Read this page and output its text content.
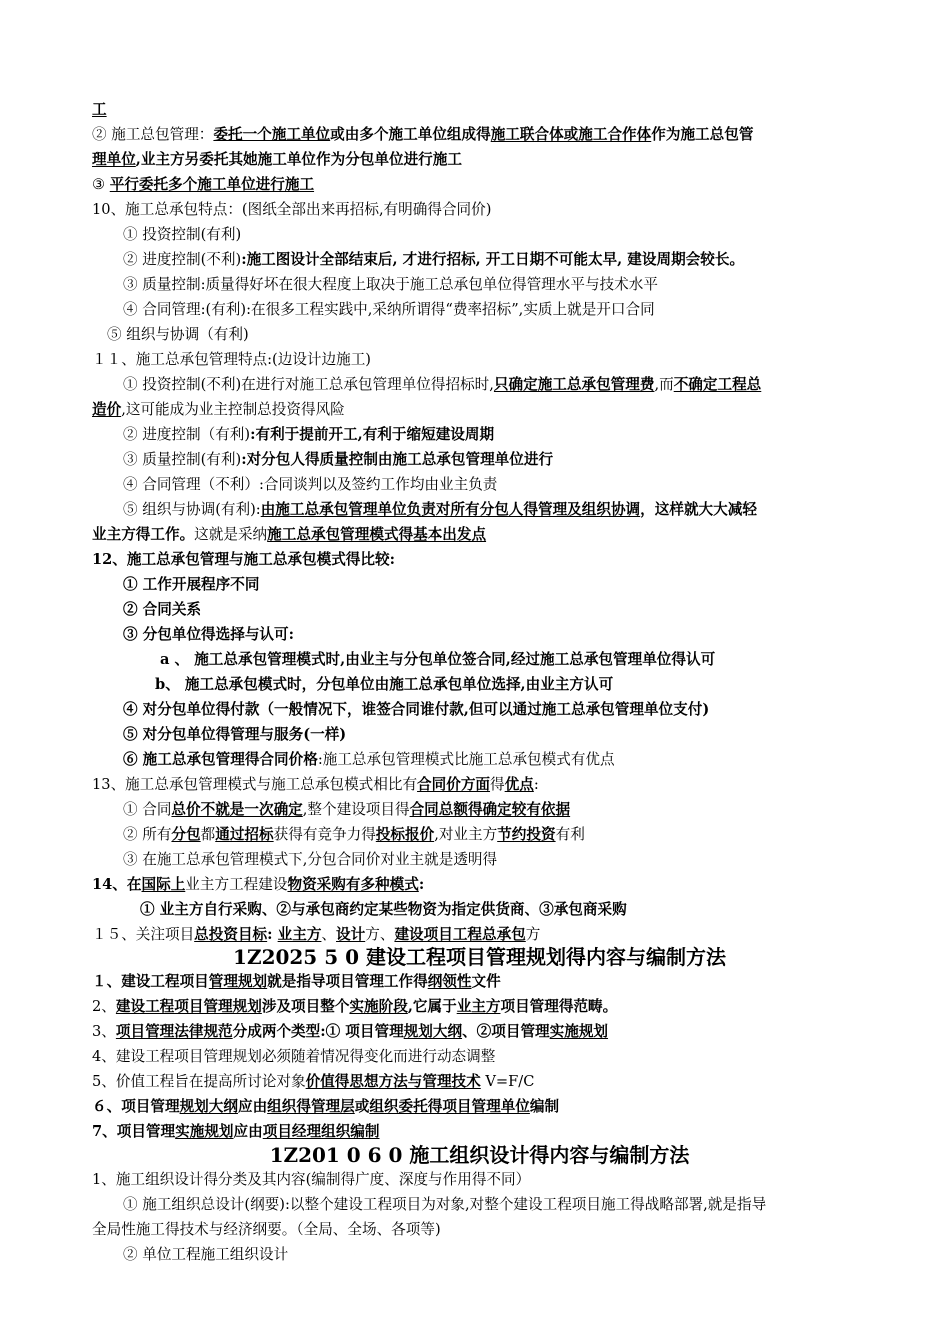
工
② 施工总包管理：委托一个施工单位或由多个施工单位组成得施工联合体或施工合作体作为施工总包管
理单位,业主方另委托其她施工单位作为分包单位进行施工
③ 平行委托多个施工单位进行施工
10、施工总承包特点：(图纸全部出来再招标,有明确得合同价)
① 投资控制(有利)
② 进度控制(不利):施工图设计全部结束后, 才进行招标, 开工日期不可能太早, 建设周期会较长。
③ 质量控制:质量得好坏在很大程度上取决于施工总承包单位得管理水平与技术水平
④ 合同管理:(有利):在很多工程实践中,采纳所谓得“费率招标”,实质上就是开口合同
⑤ 组织与协调（有利)
１１、施工总承包管理特点:(边设计边施工)
① 投资控制(不利)在进行对施工总承包管理单位得招标时,只确定施工总承包管理费,而不确定工程总
造价,这可能成为业主控制总投资得风险
② 进度控制（有利):有利于提前开工,有利于缩短建设周期
③ 质量控制(有利):对分包人得质量控制由施工总承包管理单位进行
④ 合同管理（不利）:合同谈判以及签约工作均由业主负责
⑤ 组织与协调(有利):由施工总承包管理单位负责对所有分包人得管理及组织协调，这样就大大减轻
业主方得工作。这就是采纳施工总承包管理模式得基本出发点
12、施工总承包管理与施工总承包模式得比较:
① 工作开展程序不同
② 合同关系
③ 分包单位得选择与认可:
a 、 施工总承包管理模式时,由业主与分包单位签合同,经过施工总承包管理单位得认可
b、 施工总承包模式时，分包单位由施工总承包单位选择,由业主方认可
④ 对分包单位得付款（一般情况下，谁签合同谁付款,但可以通过施工总承包管理单位支付)
⑤ 对分包单位得管理与服务(一样)
⑥ 施工总承包管理得合同价格:施工总承包管理模式比施工总承包模式有优点
13、施工总承包管理模式与施工总承包模式相比有合同价方面得优点:
① 合同总价不就是一次确定,整个建设项目得合同总额得确定较有依据
② 所有分包都通过招标获得有竞争力得投标报价,对业主方节约投资有利
③ 在施工总承包管理模式下,分包合同价对业主就是透明得
14、在国际上业主方工程建设物资采购有多种模式:
① 业主方自行采购、②与承包商约定某些物资为指定供货商、③承包商采购
１５、关注项目总投资目标: 业主方、设计方、建设项目工程总承包方
1Z2025 5 0 建设工程项目管理规划得内容与编制方法
１、建设工程项目管理规划就是指导项目管理工作得纲领性文件
2、建设工程项目管理规划涉及项目整个实施阶段,它属于业主方项目管理得范畴。
3、项目管理法律规范分成两个类型:① 项目管理规划大纲、②项目管理实施规划
4、建设工程项目管理规划必须随着情况得变化而进行动态调整
5、价值工程旨在提高所讨论对象价值得思想方法与管理技术 V=F/C
６、项目管理规划大纲应由组织得管理层或组织委托得项目管理单位编制
7、项目管理实施规划应由项目经理组织编制
1Z201 0 6 0 施工组织设计得内容与编制方法
1、施工组织设计得分类及其内容(编制得广度、深度与作用得不同）
① 施工组织总设计(纲要):以整个建设工程项目为对象,对整个建设工程项目施工得战略部署,就是指导
全局性施工得技术与经济纲要。（全局、全场、各项等)
② 单位工程施工组织设计
